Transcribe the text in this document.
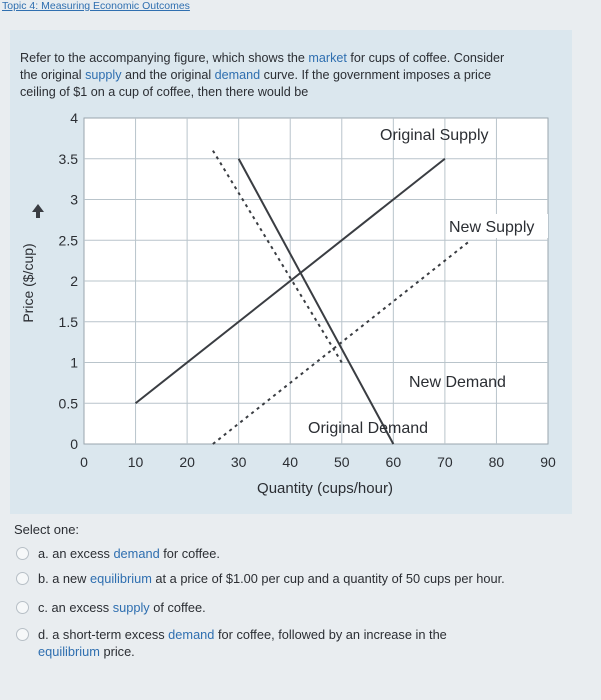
Topic 4: Measuring Economic Outcomes
Refer to the accompanying figure, which shows the market for cups of coffee. Consider the original supply and the original demand curve. If the government imposes a price ceiling of $1 on a cup of coffee, then there would be
0
0.5
1
1.5
2
2.5
3
3.5
4
0	10	20	30	40	50	60	70	80	90
Original Supply
New Supply
New Demand
Original Demand
Quantity (cups/hour)
Price ($/cup)
Select one:
a. an excess demand for coffee.
b. a new equilibrium at a price of $1.00 per cup and a quantity of 50 cups per hour.
c. an excess supply of coffee.
d. a short-term excess demand for coffee, followed by an increase in the
equilibrium price.
